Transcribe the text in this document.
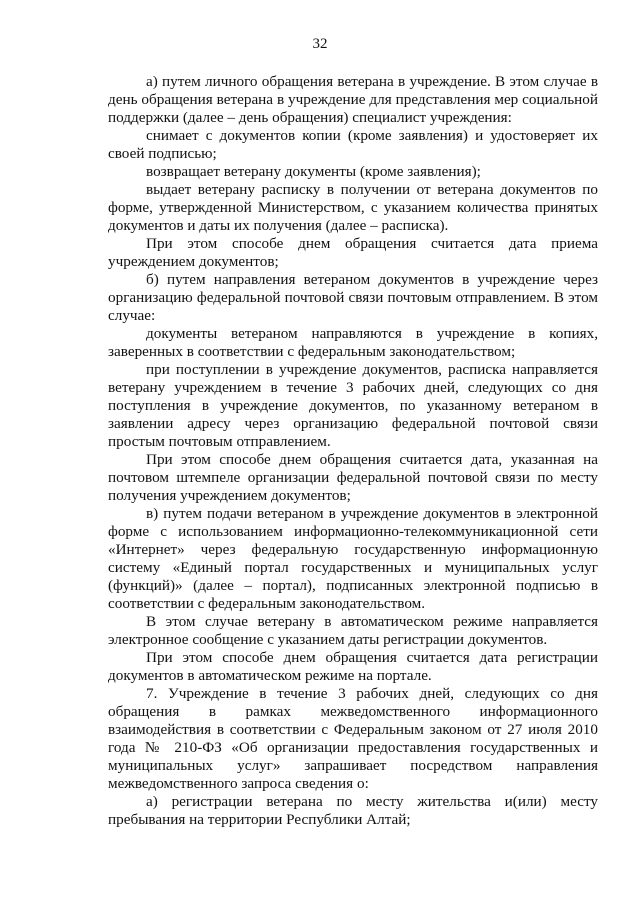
32

а) путем личного обращения ветерана в учреждение. В этом случае в день обращения ветерана в учреждение для представления мер социальной поддержки (далее – день обращения) специалист учреждения:

снимает с документов копии (кроме заявления) и удостоверяет их своей подписью;

возвращает ветерану документы (кроме заявления);

выдает ветерану расписку в получении от ветерана документов по форме, утвержденной Министерством, с указанием количества принятых документов и даты их получения (далее – расписка).

При этом способе днем обращения считается дата приема учреждением документов;

б) путем направления ветераном документов в учреждение через организацию федеральной почтовой связи почтовым отправлением. В этом случае:

документы ветераном направляются в учреждение в копиях, заверенных в соответствии с федеральным законодательством;

при поступлении в учреждение документов, расписка направляется ветерану учреждением в течение 3 рабочих дней, следующих со дня поступления в учреждение документов, по указанному ветераном в заявлении адресу через организацию федеральной почтовой связи простым почтовым отправлением.

При этом способе днем обращения считается дата, указанная на почтовом штемпеле организации федеральной почтовой связи по месту получения учреждением документов;

в) путем подачи ветераном в учреждение документов в электронной форме с использованием информационно-телекоммуникационной сети «Интернет» через федеральную государственную информационную систему «Единый портал государственных и муниципальных услуг (функций)» (далее – портал), подписанных электронной подписью в соответствии с федеральным законодательством.

В этом случае ветерану в автоматическом режиме направляется электронное сообщение с указанием даты регистрации документов.

При этом способе днем обращения считается дата регистрации документов в автоматическом режиме на портале.

7. Учреждение в течение 3 рабочих дней, следующих со дня обращения в рамках межведомственного информационного взаимодействия в соответствии с Федеральным законом от 27 июля 2010 года № 210-ФЗ «Об организации предоставления государственных и муниципальных услуг» запрашивает посредством направления межведомственного запроса сведения о:

а) регистрации ветерана по месту жительства и(или) месту пребывания на территории Республики Алтай;
